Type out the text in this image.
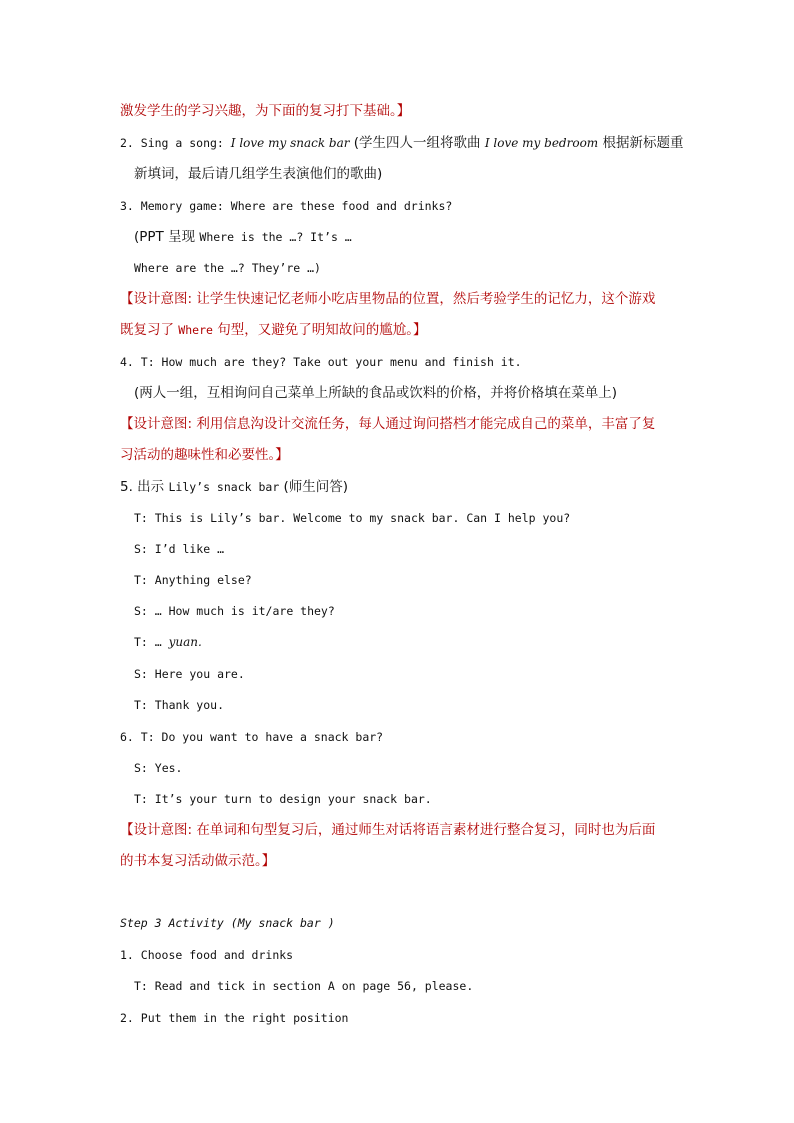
激发学生的学习兴趣，为下面的复习打下基础。】
2. Sing a song: I love my snack bar (学生四人一组将歌曲 I love my bedroom 根据新标题重
新填词，最后请几组学生表演他们的歌曲)
3. Memory game: Where are these food and drinks?
(PPT 呈现 Where is the …? It’s …
Where are the …? They’re …)
【设计意图: 让学生快速记忆老师小吃店里物品的位置，然后考验学生的记忆力，这个游戏
既复习了 Where 句型，又避免了明知故问的尴尬。】
4. T: How much are they? Take out your menu and finish it.
(两人一组，互相询问自己菜单上所缺的食品或饮料的价格，并将价格填在菜单上)
【设计意图: 利用信息沟设计交流任务，每人通过询问搭档才能完成自己的菜单，丰富了复
习活动的趣味性和必要性。】
5. 出示 Lily’s snack bar (师生问答)
T: This is Lily’s bar. Welcome to my snack bar. Can I help you?
S: I’d like …
T: Anything else?
S: … How much is it/are they?
T: … yuan.
S: Here you are.
T: Thank you.
6. T: Do you want to have a snack bar?
S: Yes.
T: It’s your turn to design your snack bar.
【设计意图: 在单词和句型复习后，通过师生对话将语言素材进行整合复习，同时也为后面
的书本复习活动做示范。】
Step 3 Activity (My snack bar )
1. Choose food and drinks
T: Read and tick in section A on page 56, please.
2. Put them in the right position
